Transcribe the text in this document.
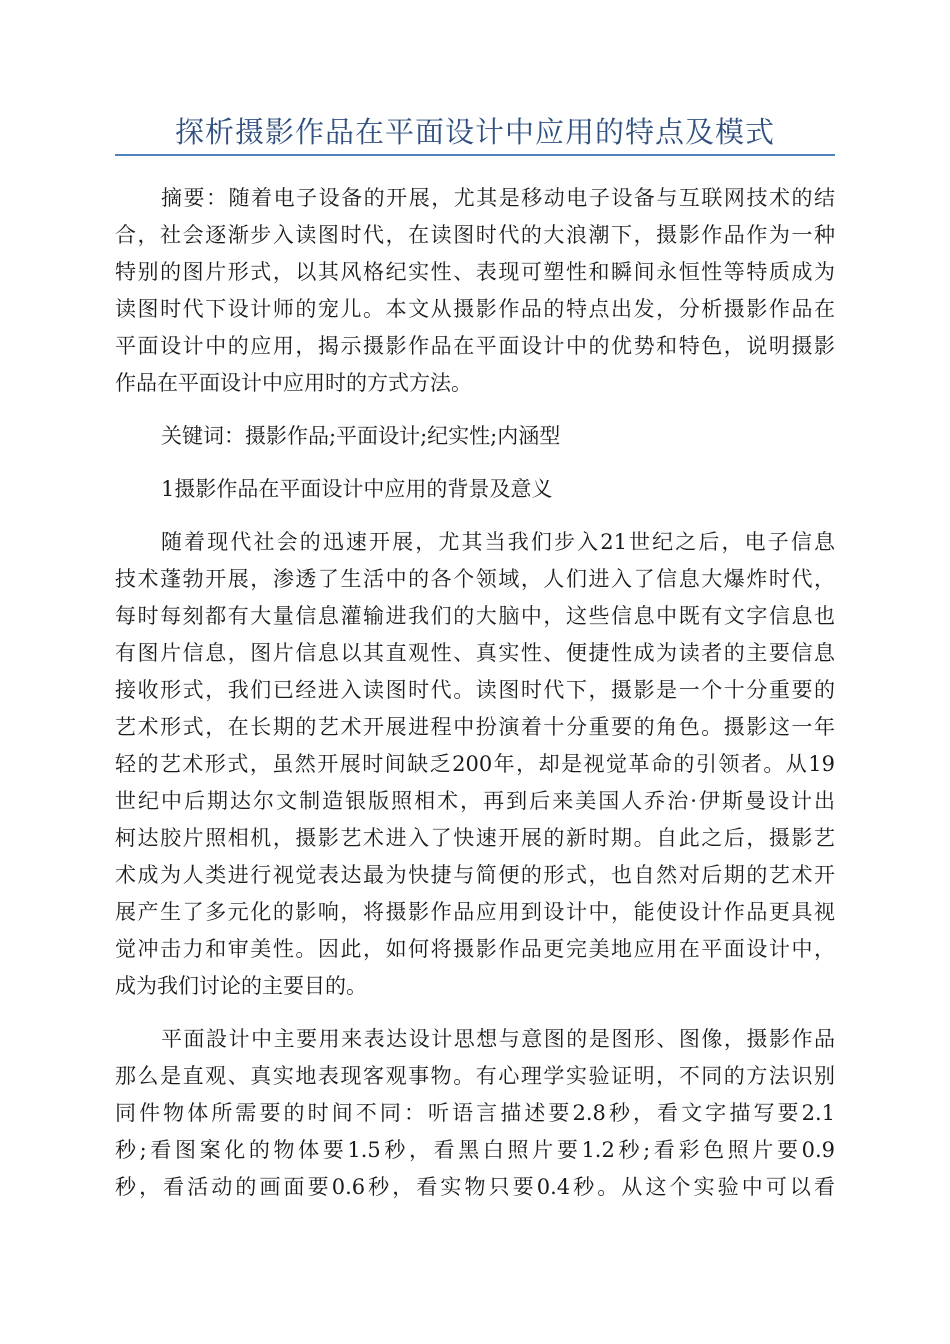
探析摄影作品在平面设计中应用的特点及模式
摘要：随着电子设备的开展，尤其是移动电子设备与互联网技术的结
合，社会逐渐步入读图时代，在读图时代的大浪潮下，摄影作品作为一种
特别的图片形式，以其风格纪实性、表现可塑性和瞬间永恒性等特质成为
读图时代下设计师的宠儿。本文从摄影作品的特点出发，分析摄影作品在
平面设计中的应用，揭示摄影作品在平面设计中的优势和特色，说明摄影
作品在平面设计中应用时的方式方法。
关键词：摄影作品;平面设计;纪实性;内涵型
1摄影作品在平面设计中应用的背景及意义
随着现代社会的迅速开展，尤其当我们步入21世纪之后，电子信息
技术蓬勃开展，渗透了生活中的各个领域，人们进入了信息大爆炸时代，
每时每刻都有大量信息灌输进我们的大脑中，这些信息中既有文字信息也
有图片信息，图片信息以其直观性、真实性、便捷性成为读者的主要信息
接收形式，我们已经进入读图时代。读图时代下，摄影是一个十分重要的
艺术形式，在长期的艺术开展进程中扮演着十分重要的角色。摄影这一年
轻的艺术形式，虽然开展时间缺乏200年，却是视觉革命的引领者。从19
世纪中后期达尔文制造银版照相术，再到后来美国人乔治·伊斯曼设计出
柯达胶片照相机，摄影艺术进入了快速开展的新时期。自此之后，摄影艺
术成为人类进行视觉表达最为快捷与简便的形式，也自然对后期的艺术开
展产生了多元化的影响，将摄影作品应用到设计中，能使设计作品更具视
觉冲击力和审美性。因此，如何将摄影作品更完美地应用在平面设计中，
成为我们讨论的主要目的。
平面設计中主要用来表达设计思想与意图的是图形、图像，摄影作品
那么是直观、真实地表现客观事物。有心理学实验证明，不同的方法识别
同件物体所需要的时间不同：听语言描述要2.8秒，看文字描写要2.1
秒;看图案化的物体要1.5秒，看黑白照片要1.2秒;看彩色照片要0.9
秒，看活动的画面要0.6秒，看实物只要0.4秒。从这个实验中可以看
